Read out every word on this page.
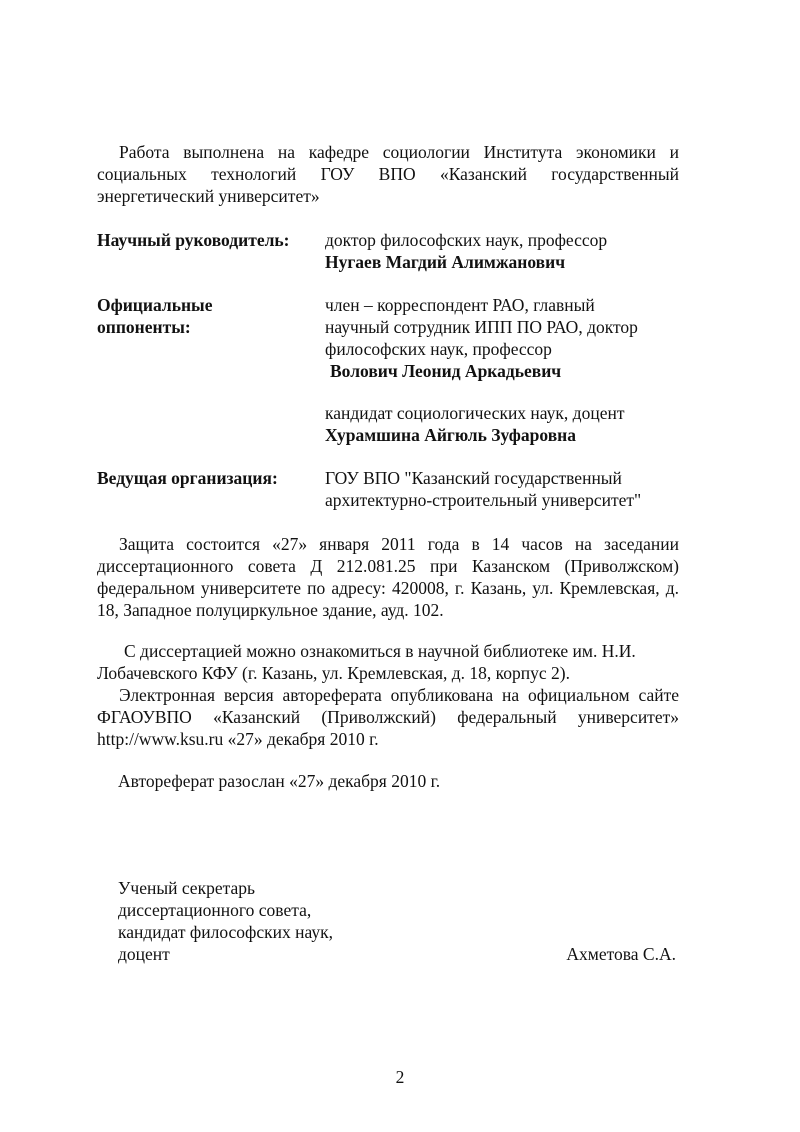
Работа выполнена на кафедре социологии Института экономики и социальных технологий ГОУ ВПО «Казанский государственный энергетический университет»

Научный руководитель: доктор философских наук, профессор
Нугаев Магдий Алимжанович
Официальные
оппоненты:
член – корреспондент РАО, главный
научный сотрудник ИПП ПО РАО, доктор
философских наук, профессор
Волович Леонид Аркадьевич
кандидат социологических наук, доцент
Хурамшина Айгюль Зуфаровна
Ведущая организация:	ГОУ ВПО "Казанский государственный
архитектурно-строительный университет"

Защита состоится «27» января 2011 года в 14 часов на заседании диссертационного совета Д 212.081.25 при Казанском (Приволжском) федеральном университете по адресу: 420008, г. Казань, ул. Кремлевская, д. 18, Западное полуциркульное здание, ауд. 102.

С диссертацией можно ознакомиться в научной библиотеке им. Н.И.
Лобачевского КФУ (г. Казань, ул. Кремлевская, д. 18, корпус 2).

Электронная версия автореферата опубликована на официальном сайте ФГАОУВПО «Казанский (Приволжский) федеральный университет» http://www.ksu.ru «27» декабря 2010 г.

Автореферат разослан «27» декабря 2010 г.
Ученый секретарь
диссертационного совета,
кандидат философских наук,
доцент	Ахметова С.А.
2
